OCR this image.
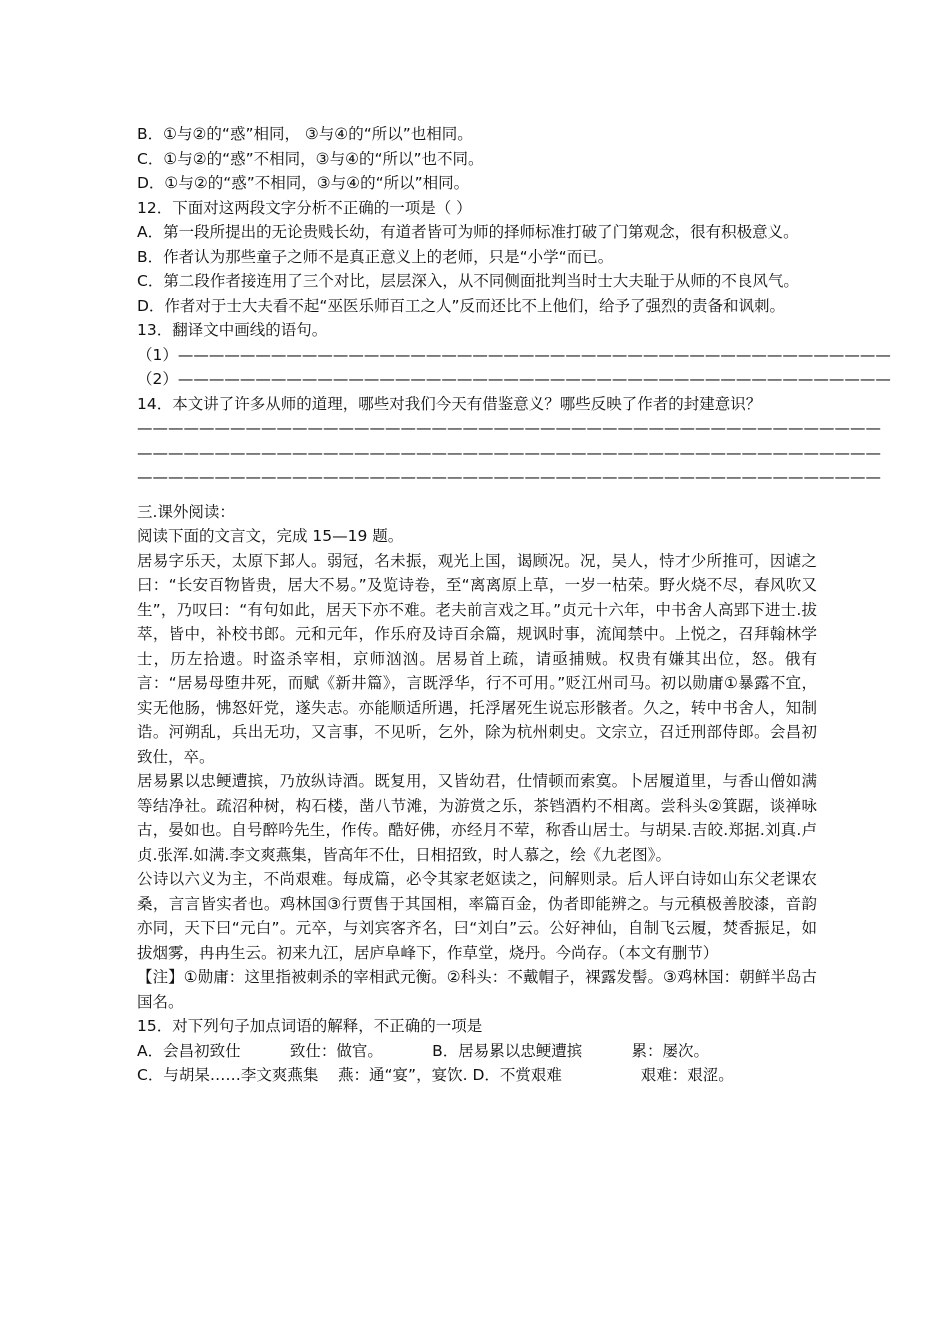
B．①与②的“惑”相同， ③与④的“所以”也相同。
C．①与②的“惑”不相同，③与④的“所以”也不同。
D．①与②的“惑”不相同，③与④的“所以”相同。
12．下面对这两段文字分析不正确的一项是（ ）
A．第一段所提出的无论贵贱长幼，有道者皆可为师的择师标准打破了门第观念，很有积极意义。
B．作者认为那些童子之师不是真正意义上的老师，只是“小学“而已。
C．第二段作者接连用了三个对比，层层深入，从不同侧面批判当时士大夫耻于从师的不良风气。
D．作者对于士大夫看不起“巫医乐师百工之人”反而还比不上他们，给予了强烈的责备和讽刺。
13．翻译文中画线的语句。
（1）——————————————————————————————————————————————
（2）——————————————————————————————————————————————
14．本文讲了许多从师的道理，哪些对我们今天有借鉴意义？哪些反映了作者的封建意识？
————————————————————————————————————————————————
————————————————————————————————————————————————
————————————————————————————————————————————————
三.课外阅读：
阅读下面的文言文，完成 15—19 题。
居易字乐天，太原下邽人。弱冠，名未振，观光上国，谒顾况。况，吴人，恃才少所推可，因谑之曰：“长安百物皆贵，居大不易。”及览诗卷，至“离离原上草，一岁一枯荣。野火烧不尽，春风吹又生”，乃叹曰：“有句如此，居天下亦不难。老夫前言戏之耳。”贞元十六年，中书舍人高郢下进士.拔萃，皆中，补校书郎。元和元年，作乐府及诗百余篇，规讽时事，流闻禁中。上悦之，召拜翰林学士，历左拾遗。时盗杀宰相，京师汹汹。居易首上疏，请亟捕贼。权贵有嫌其出位，怒。俄有言：“居易母堕井死，而赋《新井篇》，言既浮华，行不可用。”贬江州司马。初以勋庸①暴露不宜，实无他肠，怫怒奸党，遂失志。亦能顺适所遇，托浮屠死生说忘形骸者。久之，转中书舍人，知制诰。河朔乱，兵出无功，又言事，不见听，乞外，除为杭州刺史。文宗立，召迁刑部侍郎。会昌初致仕，卒。
居易累以忠鲠遭摈，乃放纵诗酒。既复用，又皆幼君，仕情顿而索寞。卜居履道里，与香山僧如满等结净社。疏沼种树，构石楼，凿八节滩，为游赏之乐，茶铛酒杓不相离。尝科头②箕踞，谈禅咏古，晏如也。自号醉吟先生，作传。酷好佛，亦经月不荤，称香山居士。与胡杲.吉皎.郑据.刘真.卢贞.张浑.如满.李文爽燕集，皆高年不仕，日相招致，时人慕之，绘《九老图》。
公诗以六义为主，不尚艰难。每成篇，必令其家老妪读之，问解则录。后人评白诗如山东父老课农桑，言言皆实者也。鸡林国③行贾售于其国相，率篇百金，伪者即能辨之。与元稹极善胶漆，音韵亦同，天下曰“元白”。元卒，与刘宾客齐名，曰“刘白”云。公好神仙，自制飞云履，焚香振足，如拔烟雾，冉冉生云。初来九江，居庐阜峰下，作草堂，烧丹。今尚存。（本文有删节）
【注】①勋庸：这里指被刺杀的宰相武元衡。②科头：不戴帽子，裸露发髻。③鸡林国：朝鲜半岛古国名。
15．对下列句子加点词语的解释，不正确的一项是
A．会昌初致仕          致仕：做官。          B．居易累以忠鲠遭摈          累：屡次。
C．与胡杲……李文爽燕集    燕：通“宴”，宴饮. D．不赏艰难                艰难：艰涩。
